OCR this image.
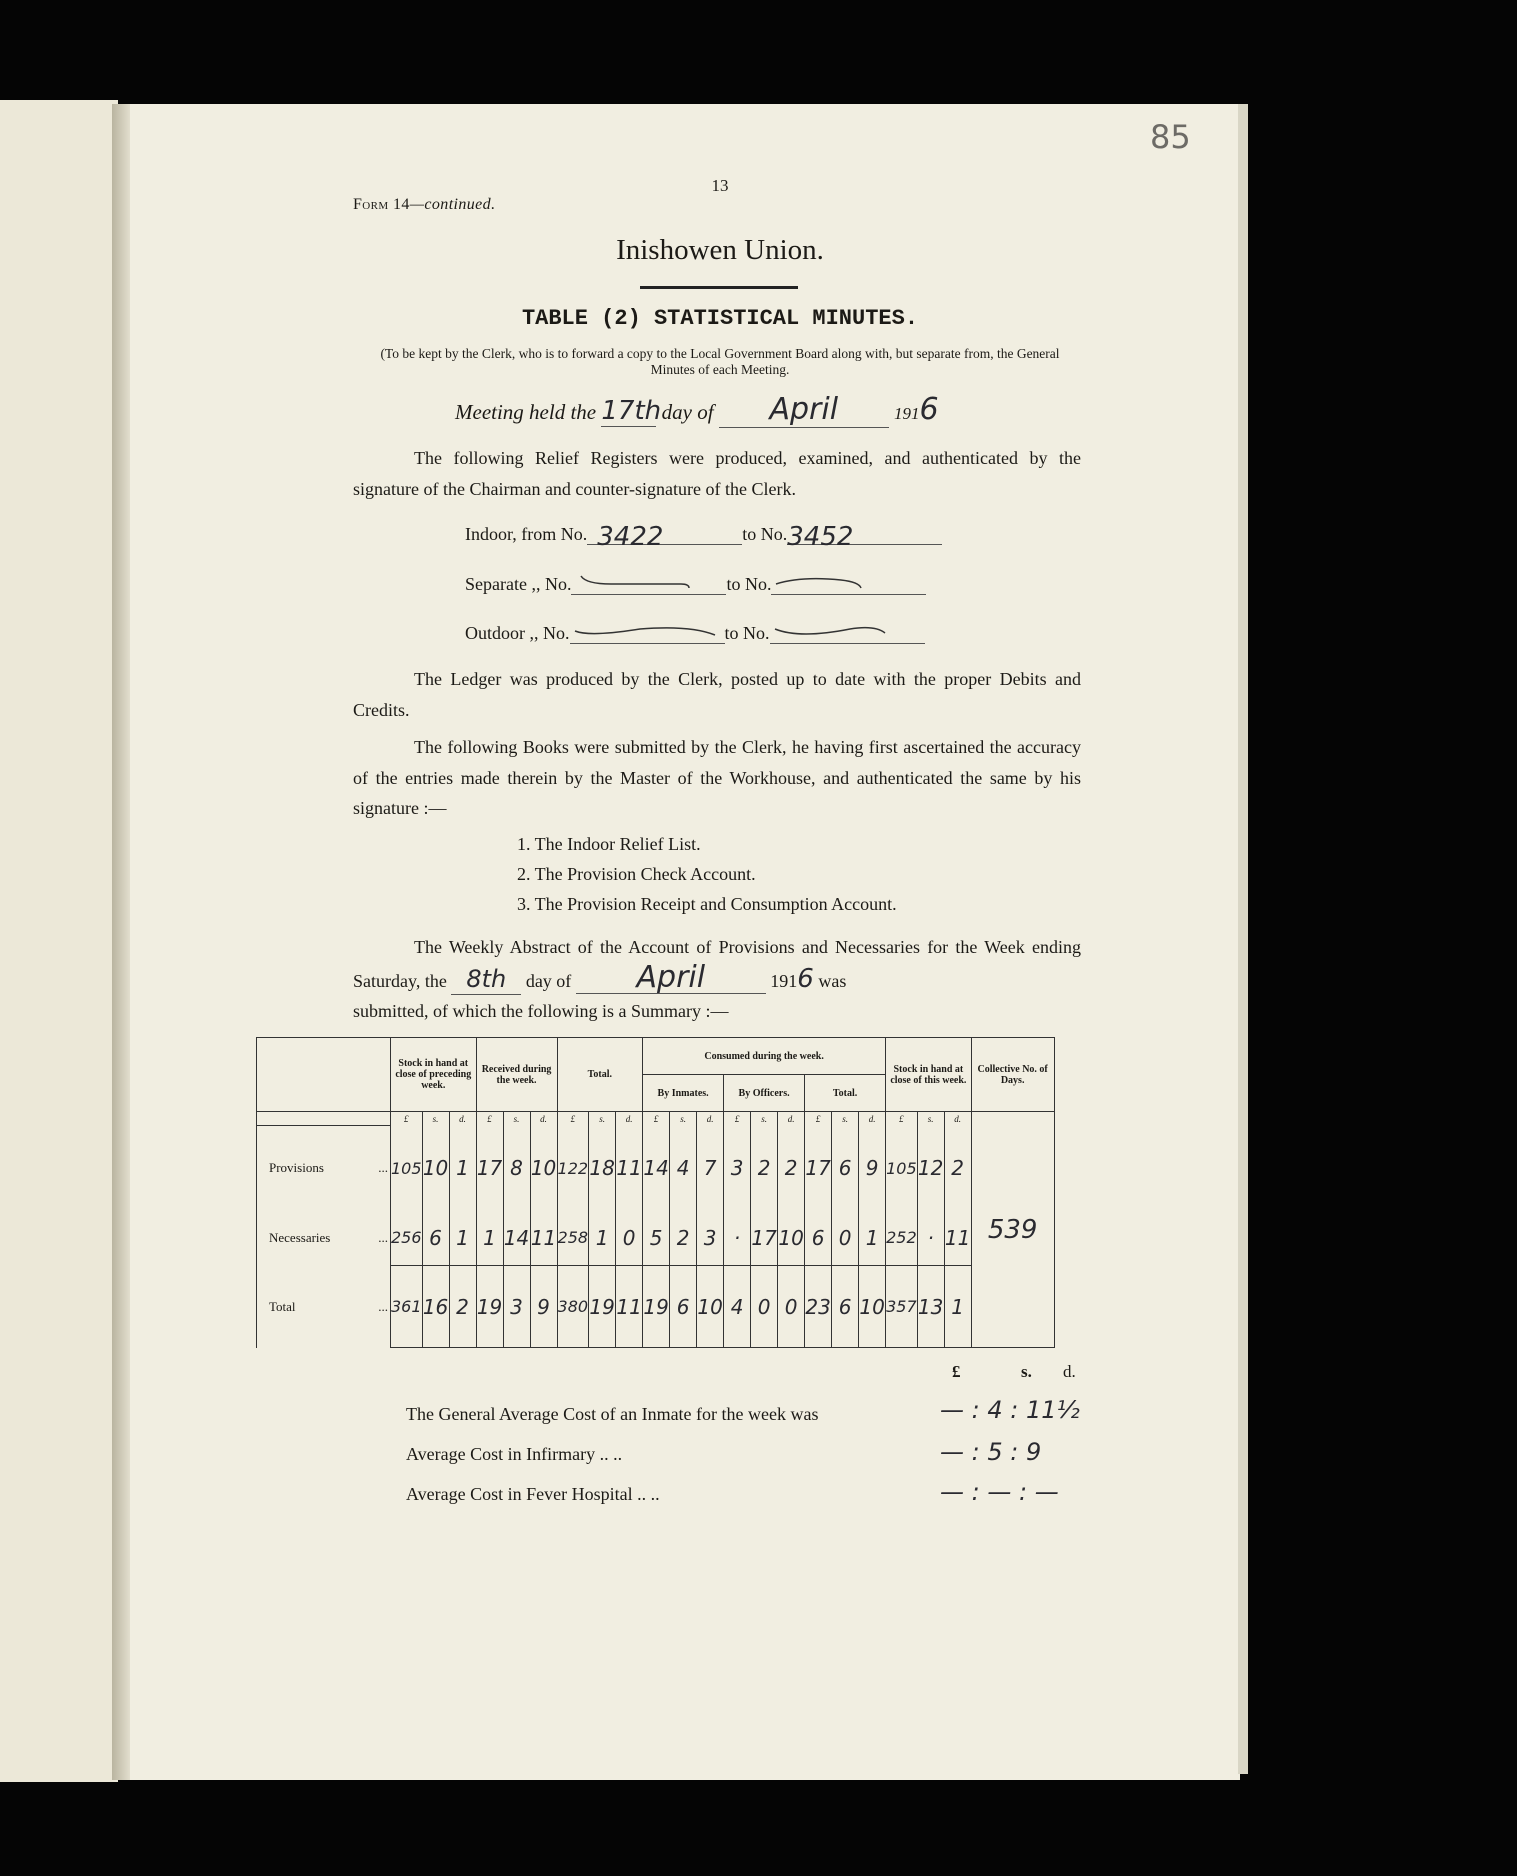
85
13
Form 14—continued.
Inishowen Union.
TABLE (2) STATISTICAL MINUTES.
(To be kept by the Clerk, who is to forward a copy to the Local Government Board along with, but separate from, the General Minutes of each Meeting.
Meeting held the 17th day of April	1916
The following Relief Registers were produced, examined, and authenticated by the signature of the Chairman and counter-signature of the Clerk.
Indoor, from No. 3422	to No.3452
Separate ,, No.	to No.
Outdoor ,, No.	to No.
The Ledger was produced by the Clerk, posted up to date with the proper Debits and Credits.
The following Books were submitted by the Clerk, he having first ascertained the accuracy of the entries made therein by the Master of the Workhouse, and authenticated the same by his signature :—
1. The Indoor Relief List.
2. The Provision Check Account.
3. The Provision Receipt and Consumption Account.
The Weekly Abstract of the Account of Provisions and Necessaries for the Week ending Saturday, the 8th day of April	1916 was
submitted, of which the following is a Summary :—
	Stock in hand at close of preceding week.			Received during the week.			Total.			Consumed during the week.									Stock in hand at close of this week.			Collective No. of Days.
										By Inmates.			By Officers.			Total.						
	£	s.	d.	£	s.	d.	£	s.	d.	£	s.	d.	£	s.	d.	£	s.	d.	£	s.	d.	539
Provisions ...	105	10	1	17	8	10	122	18	11	14	4	7	3	2	2	17	6	9	105	12	2	
Necessaries ...	256	6	1	1	14	11	258	1	0	5	2	3	·	17	10	6	0	1	252	·	11	
Total ...	361	16	2	19	3	9	380	19	11	19	6	10	4	0	0	23	6	10	357	13	1	
£	s. d.
The General Average Cost of an Inmate for the week was	— : 4 : 11½
Average Cost in Infirmary .. ..	— : 5 : 9
Average Cost in Fever Hospital .. ..	— : — : —
